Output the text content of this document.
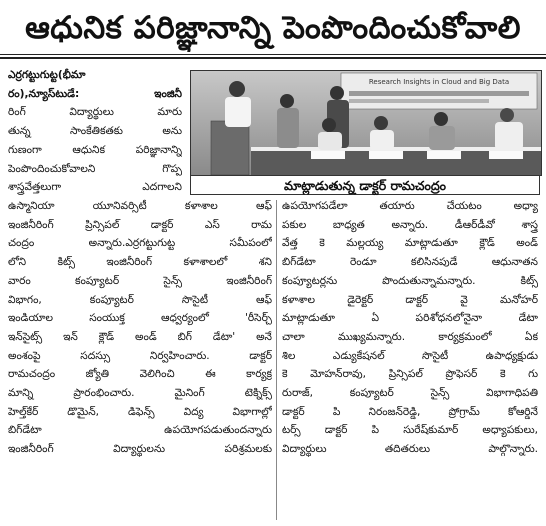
ఆధునిక పరిజ్ఞానాన్ని పెంపొందించుకోవాలి
ఎర్రగట్టుగుట్ట(భీమా
రం),న్యూస్‌టుడే: ఇంజినీ
రింగ్ విద్యార్థులు మారు
తున్న సాంకేతికతకు అను
గుణంగా ఆధునిక పరిజ్ఞానాన్ని
పెంపొందించుకోవాలని గొప్ప
శాస్త్రవేత్తలుగా ఎదగాలని
Research Insights in Cloud and Big Data
మాట్లాడుతున్న డాక్టర్ రామచంద్రం
ఉస్మానియా యూనివర్సిటీ కళాశాల ఆఫ్
ఇంజినీరింగ్ ప్రిన్సిపల్ డాక్టర్ ఎస్ రామ
చంద్రం అన్నారు.ఎర్రగట్టుగుట్ట సమీపంలో
లోని కిట్స్ ఇంజినీరింగ్ కళాశాలలో శని
వారం కంప్యూటర్ సైన్స్ ఇంజినీరింగ్
విభాగం, కంప్యూటర్ సొసైటీ ఆఫ్
ఇండియాల సంయుక్త ఆధ్వర్యంలో 'రీసెర్చ్
ఇన్‌సైట్స్ ఇన్ క్లౌడ్ అండ్ బిగ్ డేటా' అనే
అంశంపై సదస్సు నిర్వహించారు. డాక్టర్
రామచంద్రం జ్యోతి వెలిగించి ఈ కార్యక్ర
మాన్ని ప్రారంభించారు. మైనింగ్ టెక్నిక్స్
హెల్త్‌కేర్ డొమైన్, డిఫెన్స్ విద్య విభాగాల్లో
బిగ్‌డేటా ఉపయోగపడుతుందన్నారు
ఇంజినీరింగ్ విద్యార్థులను పరిశ్రమలకు
ఉపయోగపడేలా తయారు చేయటం అధ్యా
పకుల బాధ్యత అన్నారు. డీఆర్‌డీవో శాస్త్ర
వేత్త కె మల్లయ్య మాట్లాడుతూ క్లౌడ్ అండ్
బిగ్‌డేటా రెండూ కలిసినపుడే ఆధునాతన
కంప్యూటర్లను పొందుతున్నామన్నారు. కిట్స్
కళాశాల డైరెక్టర్ డాక్టర్ వై మనోహర్
మాట్లాడుతూ ఏ పరిశోధనలోనైనా డేటా
చాలా ముఖ్యమన్నారు. కార్యక్రమంలో ఏక
శిల ఎడ్యుకేషనల్ సొసైటీ ఉపాధ్యక్షుడు
కె మోహన్‌రావు, ప్రిన్సిపల్ ప్రొఫెసర్ కె గు
రురాజ్, కంప్యూటర్ సైన్స్ విభాగాధిపతి
డాక్టర్ పి నిరంజన్‌రెడ్డి, ప్రోగ్రామ్ కోఆర్డినే
టర్స్ డాక్టర్ పి సురేష్‌కుమార్ అధ్యాపకులు,
విద్యార్థులు తదితరులు పాల్గొన్నారు.
